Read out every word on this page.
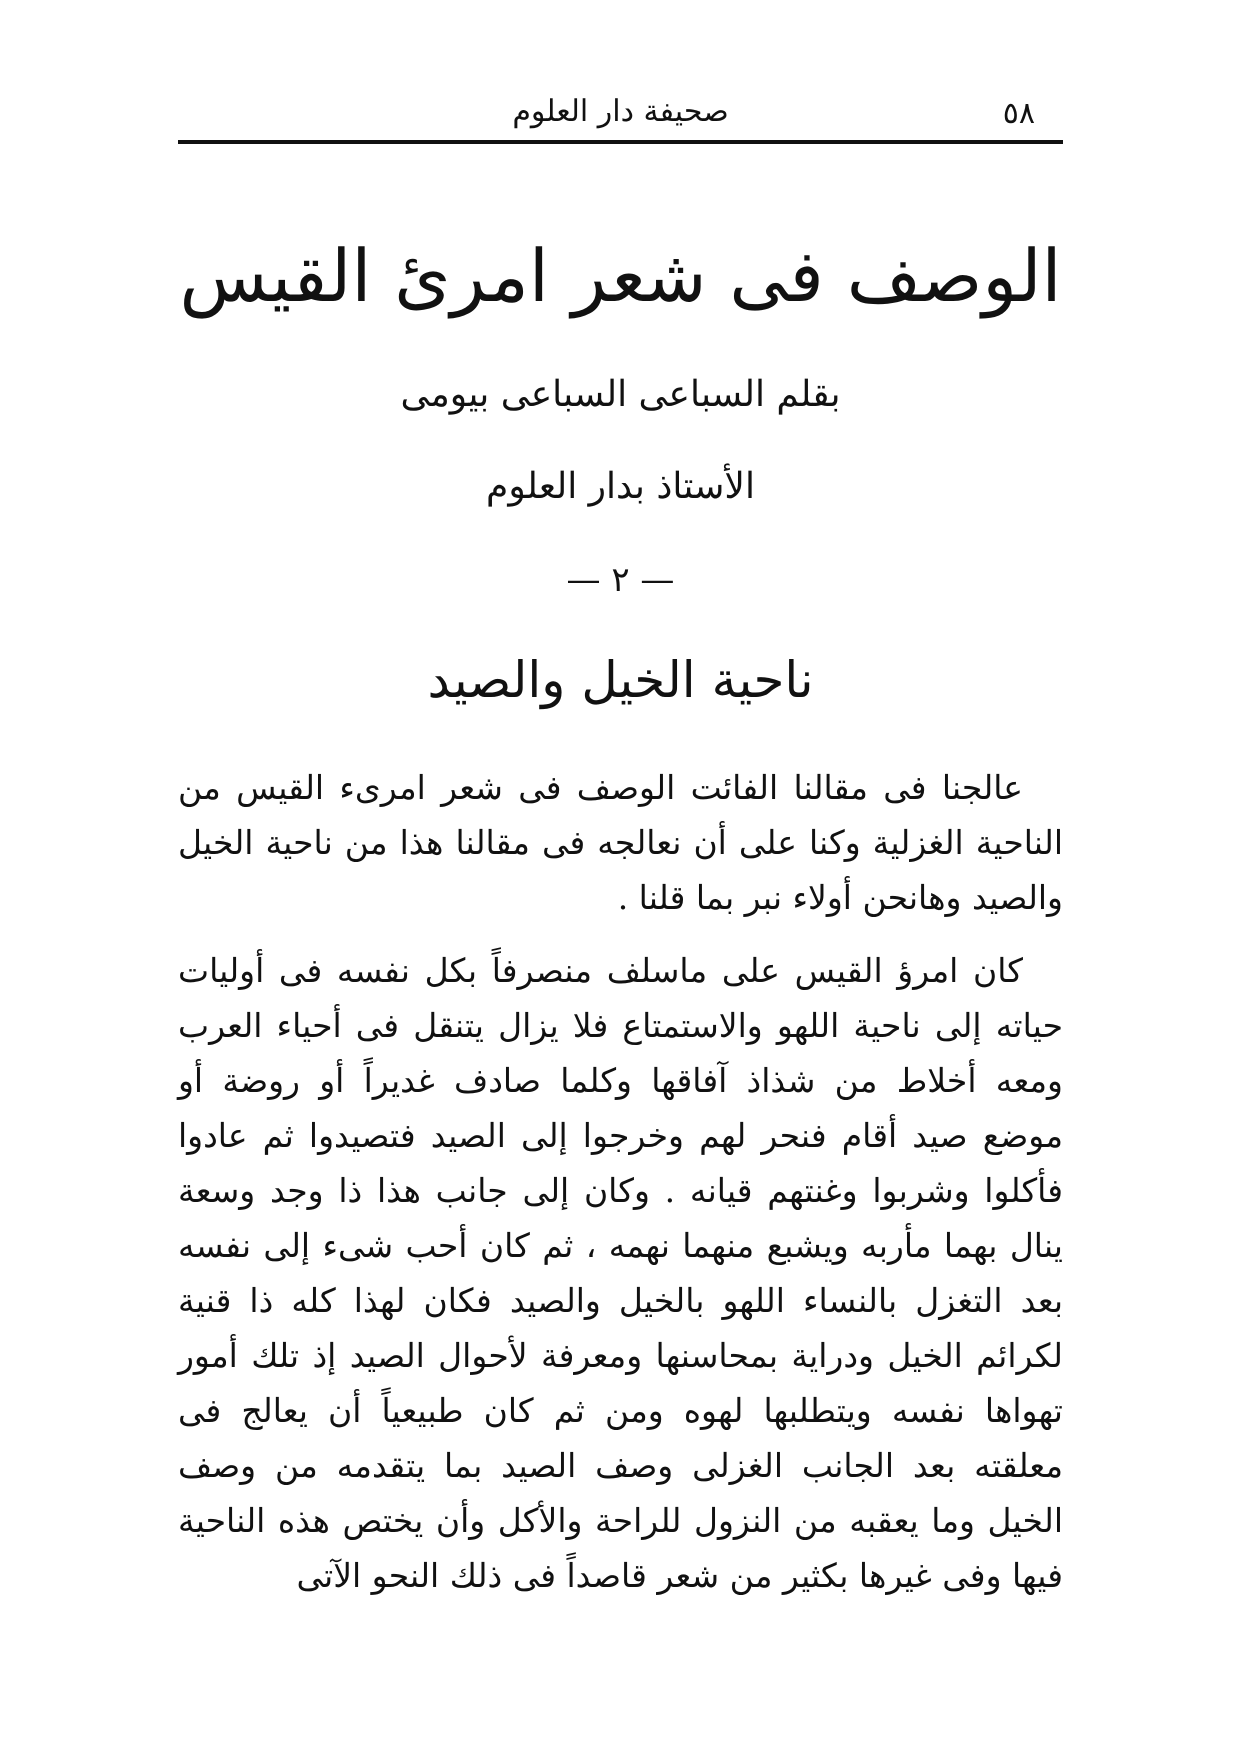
صحيفة دار العلوم	٥٨
الوصف فى شعر امرئ القيس
بقلم السباعى السباعى بيومى
الأستاذ بدار العلوم
— ٢ —
ناحية الخيل والصيد

عالجنا فى مقالنا الفائت الوصف فى شعر امرىء القيس من الناحية الغزلية وكنا على أن نعالجه فى مقالنا هذا من ناحية الخيل والصيد وهانحن أولاء نبر بما قلنا .

كان امرؤ القيس على ماسلف منصرفاً بكل نفسه فى أوليات حياته إلى ناحية اللهو والاستمتاع فلا يزال يتنقل فى أحياء العرب ومعه أخلاط من شذاذ آفاقها وكلما صادف غديراً أو روضة أو موضع صيد أقام فنحر لهم وخرجوا إلى الصيد فتصيدوا ثم عادوا فأكلوا وشربوا وغنتهم قيانه . وكان إلى جانب هذا ذا وجد وسعة ينال بهما مأربه ويشبع منهما نهمه ، ثم كان أحب شىء إلى نفسه بعد التغزل بالنساء اللهو بالخيل والصيد فكان لهذا كله ذا قنية لكرائم الخيل ودراية بمحاسنها ومعرفة لأحوال الصيد إذ تلك أمور تهواها نفسه ويتطلبها لهوه ومن ثم كان طبيعياً أن يعالج فى معلقته بعد الجانب الغزلى وصف الصيد بما يتقدمه من وصف الخيل وما يعقبه من النزول للراحة والأكل وأن يختص هذه الناحية فيها وفى غيرها بكثير من شعر قاصداً فى ذلك النحو الآتى
